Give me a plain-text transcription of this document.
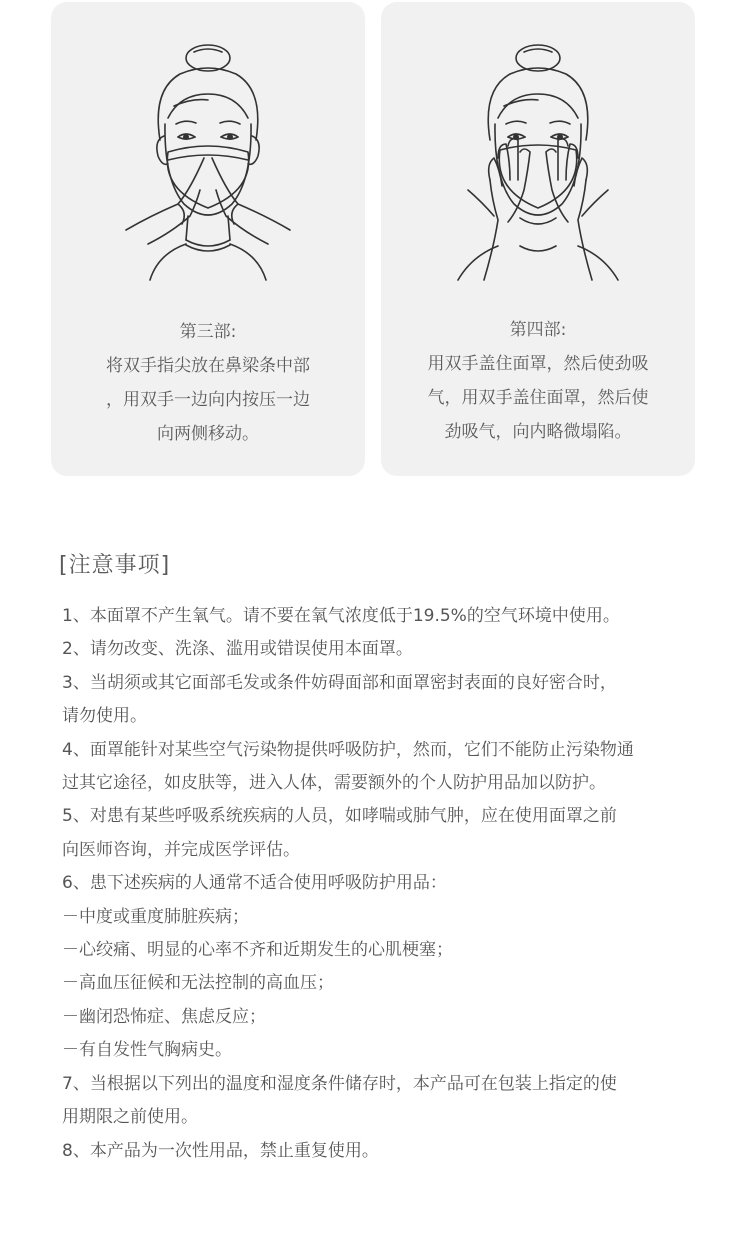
第三部:
将双手指尖放在鼻梁条中部
，用双手一边向内按压一边
向两侧移动。
第四部:
用双手盖住面罩，然后使劲吸
气，用双手盖住面罩，然后使
劲吸气，向内略微塌陷。
[注意事项]
1、本面罩不产生氧气。请不要在氧气浓度低于19.5%的空气环境中使用。
2、请勿改变、洗涤、滥用或错误使用本面罩。
3、当胡须或其它面部毛发或条件妨碍面部和面罩密封表面的良好密合时，
请勿使用。
4、面罩能针对某些空气污染物提供呼吸防护，然而，它们不能防止污染物通
过其它途径，如皮肤等，进入人体，需要额外的个人防护用品加以防护。
5、对患有某些呼吸系统疾病的人员，如哮喘或肺气肿，应在使用面罩之前
向医师咨询，并完成医学评估。
6、患下述疾病的人通常不适合使用呼吸防护用品：
－中度或重度肺脏疾病；
－心绞痛、明显的心率不齐和近期发生的心肌梗塞；
－高血压征候和无法控制的高血压；
－幽闭恐怖症、焦虑反应；
－有自发性气胸病史。
7、当根据以下列出的温度和湿度条件储存时，本产品可在包装上指定的使
用期限之前使用。
8、本产品为一次性用品，禁止重复使用。
